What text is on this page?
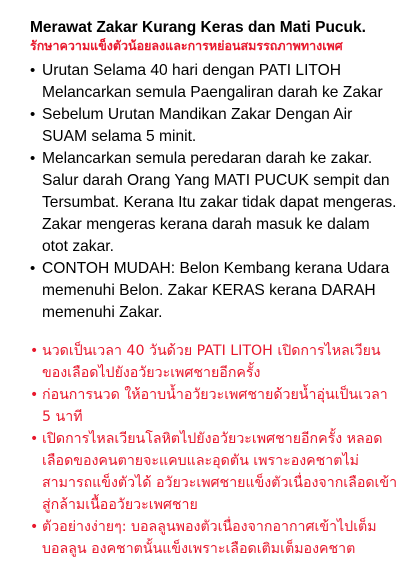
Merawat Zakar Kurang Keras dan Mati Pucuk.
รักษาความแข็งตัวน้อยลงและการหย่อนสมรรถภาพทางเพศ
• Urutan Selama 40 hari dengan PATI LITOH Melancarkan semula Paengaliran darah ke Zakar
• Sebelum Urutan Mandikan Zakar Dengan Air SUAM selama 5 minit.
• Melancarkan semula peredaran darah ke zakar. Salur darah Orang Yang MATI PUCUK sempit dan Tersumbat. Kerana Itu zakar tidak dapat mengeras. Zakar mengeras kerana darah masuk ke dalam otot zakar.
• CONTOH MUDAH: Belon Kembang kerana Udara memenuhi Belon. Zakar KERAS kerana DARAH memenuhi Zakar.
• นวดเป็นเวลา 40 วันด้วย PATI LITOH เปิดการไหลเวียนของเลือดไปยังอวัยวะเพศชายอีกครั้ง
• ก่อนการนวด ให้อาบน้ำอวัยวะเพศชายด้วยน้ำอุ่นเป็นเวลา 5 นาที
• เปิดการไหลเวียนโลหิตไปยังอวัยวะเพศชายอีกครั้ง หลอดเลือดของคนตายจะแคบและอุดตัน เพราะองคชาตไม่สามารถแข็งตัวได้ อวัยวะเพศชายแข็งตัวเนื่องจากเลือดเข้าสู่กล้ามเนื้ออวัยวะเพศชาย
• ตัวอย่างง่ายๆ: บอลลูนพองตัวเนื่องจากอากาศเข้าไปเต็มบอลลูน องคชาตนั้นแข็งเพราะเลือดเติมเต็มองคชาต
